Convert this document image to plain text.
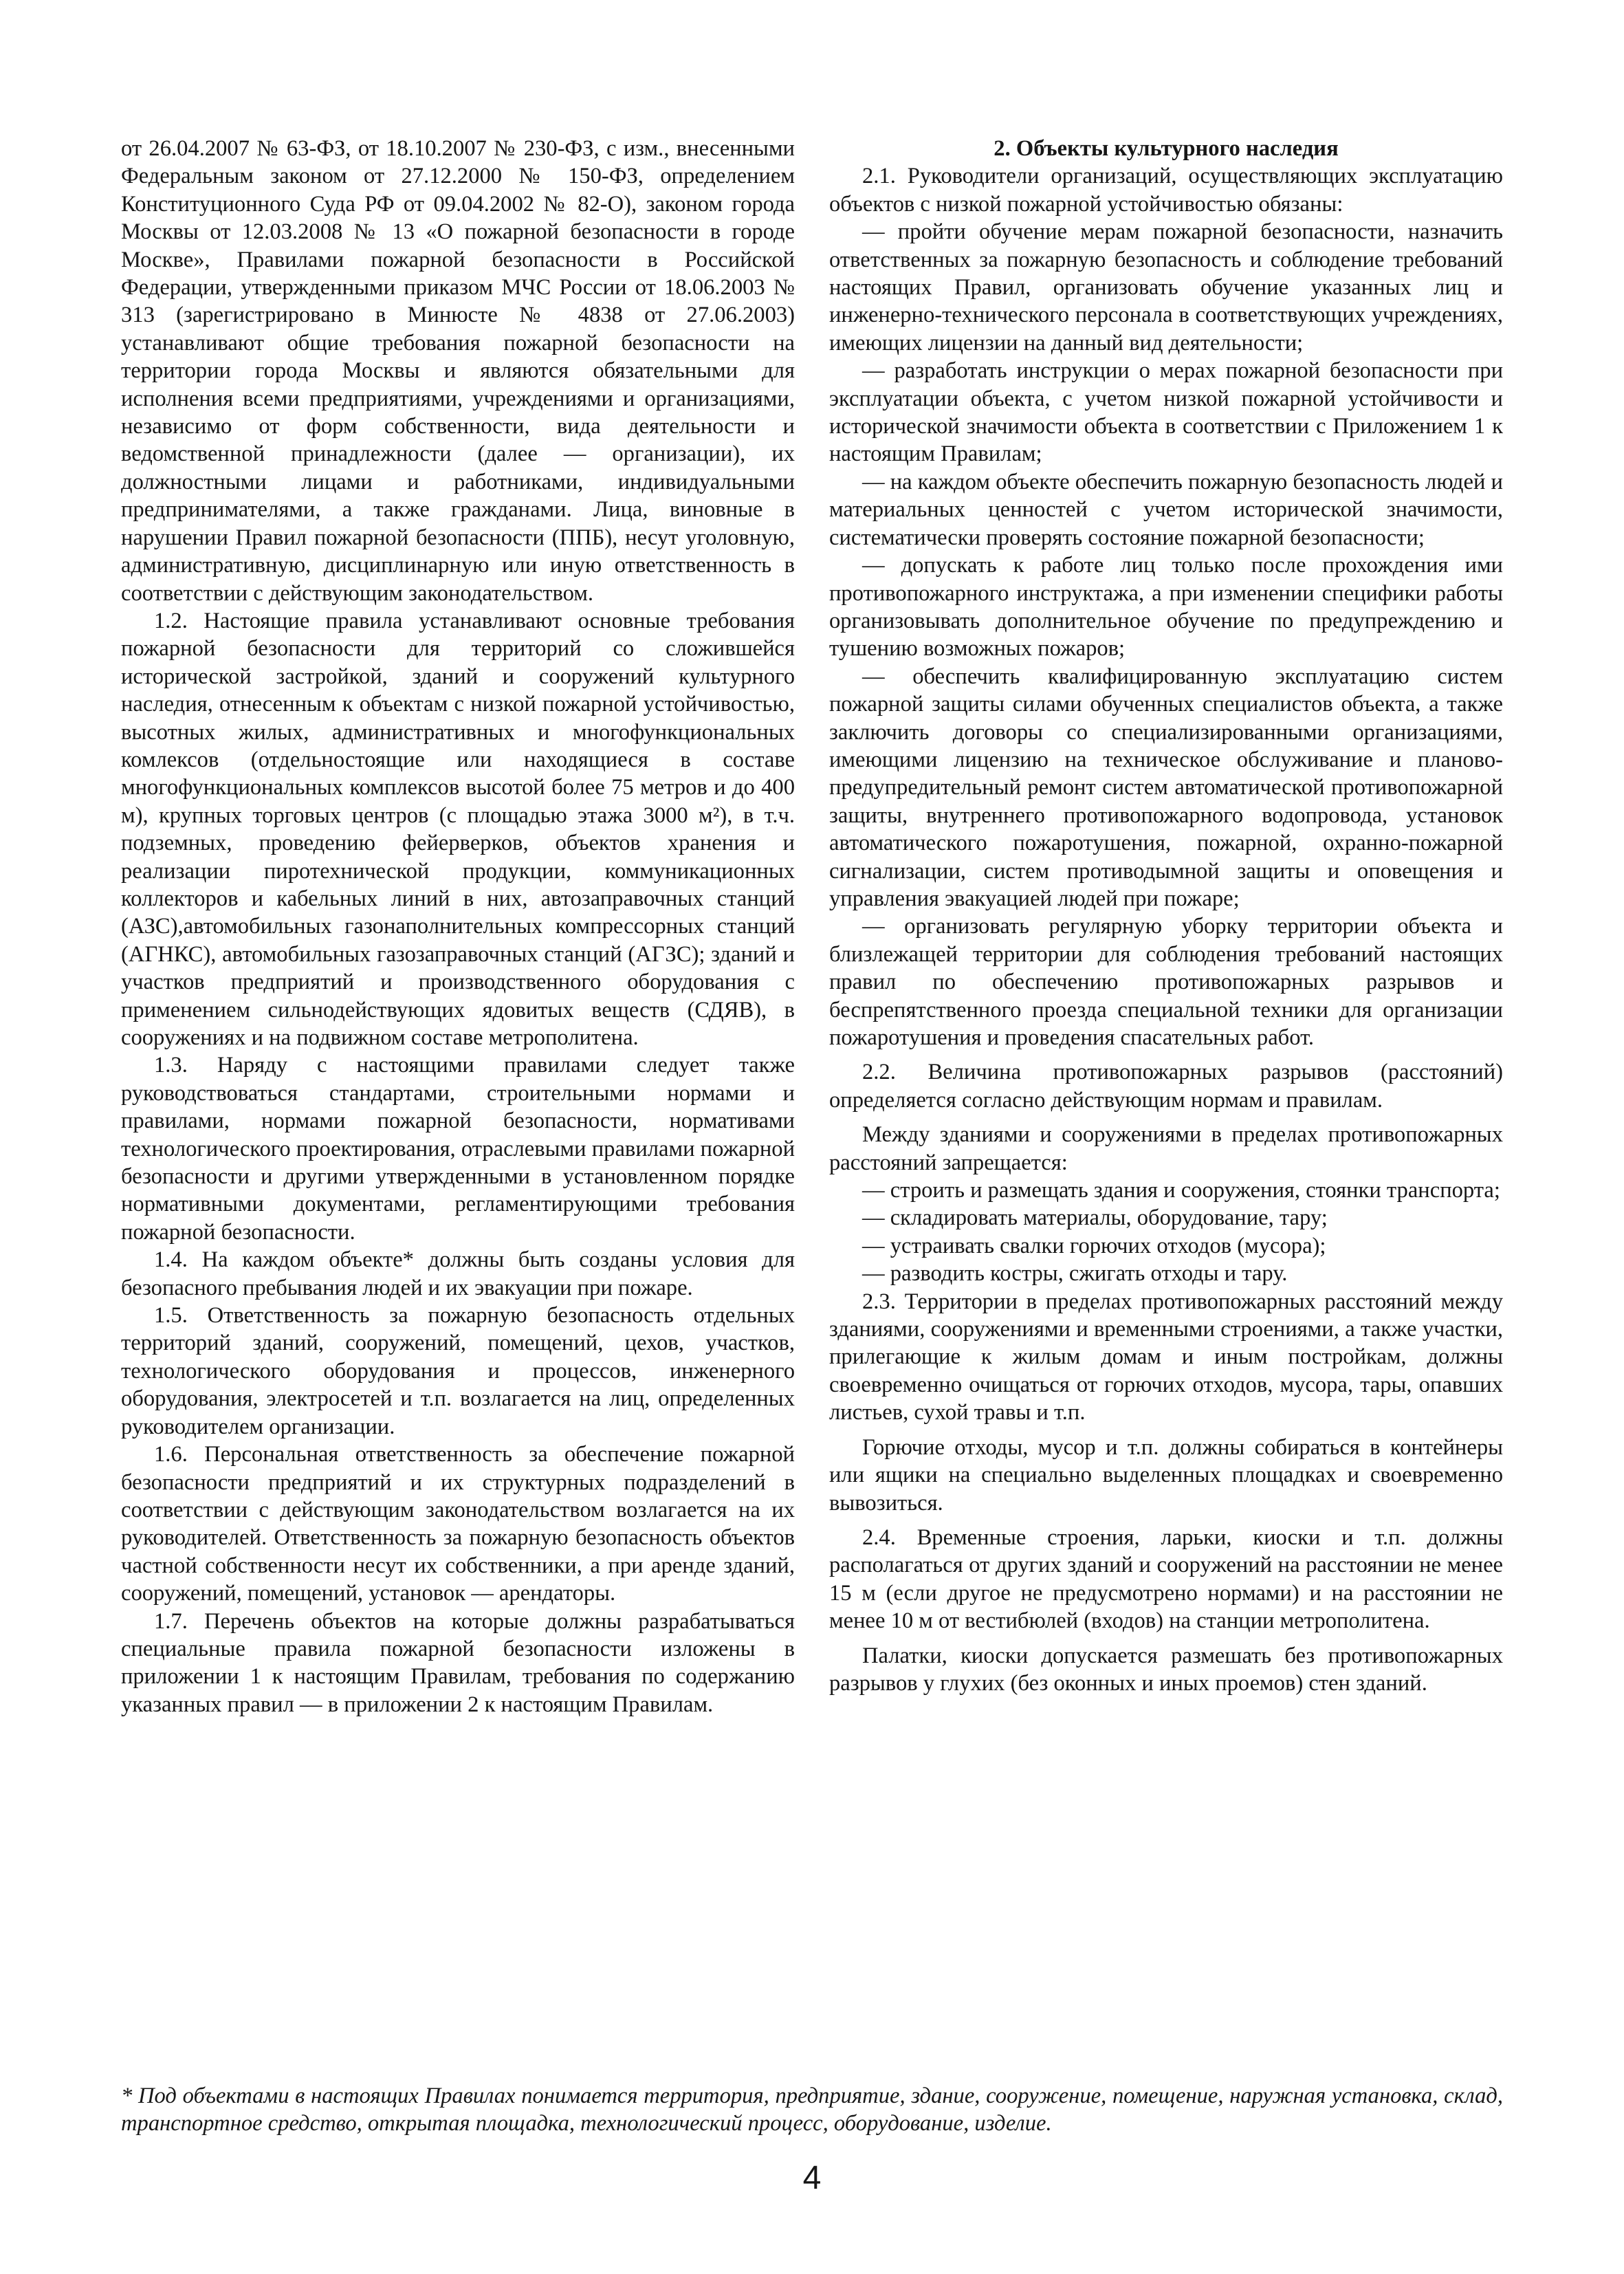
от 26.04.2007 № 63-ФЗ, от 18.10.2007 № 230-ФЗ, с изм., внесенными Федеральным законом от 27.12.2000 № 150-ФЗ, определением Конституционного Суда РФ от 09.04.2002 № 82-О), законом города Москвы от 12.03.2008 № 13 «О пожарной безопасности в городе Москве», Правилами пожарной безопасности в Российской Федерации, утвержденными приказом МЧС России от 18.06.2003 № 313 (зарегистрировано в Минюсте № 4838 от 27.06.2003) устанавливают общие требования пожарной безопасности на территории города Москвы и являются обязательными для исполнения всеми предприятиями, учреждениями и организациями, независимо от форм собственности, вида деятельности и ведомственной принадлежности (далее — организации), их должностными лицами и работниками, индивидуальными предпринимателями, а также гражданами. Лица, виновные в нарушении Правил пожарной безопасности (ППБ), несут уголовную, административную, дисциплинарную или иную ответственность в соответствии с действующим законодательством.

1.2. Настоящие правила устанавливают основные требования пожарной безопасности для территорий со сложившейся исторической застройкой, зданий и сооружений культурного наследия, отнесенным к объектам с низкой пожарной устойчивостью, высотных жилых, административных и многофункциональных комлексов (отдельностоящие или находящиеся в составе многофункциональных комплексов высотой более 75 метров и до 400 м), крупных торговых центров (с площадью этажа 3000 м²), в т.ч. подземных, проведению фейерверков, объектов хранения и реализации пиротехнической продукции, коммуникационных коллекторов и кабельных линий в них, автозаправочных станций (АЗС),автомобильных газонаполнительных компрессорных станций (АГНКС), автомобильных газозаправочных станций (АГЗС); зданий и участков предприятий и производственного оборудования с применением сильнодействующих ядовитых веществ (СДЯВ), в сооружениях и на подвижном составе метрополитена.

1.3. Наряду с настоящими правилами следует также руководствоваться стандартами, строительными нормами и правилами, нормами пожарной безопасности, нормативами технологического проектирования, отраслевыми правилами пожарной безопасности и другими утвержденными в установленном порядке нормативными документами, регламентирующими требования пожарной безопасности.

1.4. На каждом объекте* должны быть созданы условия для безопасного пребывания людей и их эвакуации при пожаре.

1.5. Ответственность за пожарную безопасность отдельных территорий зданий, сооружений, помещений, цехов, участков, технологического оборудования и процессов, инженерного оборудования, электросетей и т.п. возлагается на лиц, определенных руководителем организации.

1.6. Персональная ответственность за обеспечение пожарной безопасности предприятий и их структурных подразделений в соответствии с действующим законодательством возлагается на их руководителей. Ответственность за пожарную безопасность объектов частной собственности несут их собственники, а при аренде зданий, сооружений, помещений, установок — арендаторы.

1.7. Перечень объектов на которые должны разрабатываться специальные правила пожарной безопасности изложены в приложении 1 к настоящим Правилам, требования по содержанию указанных правил — в приложении 2 к настоящим Правилам.

2. Объекты культурного наследия

2.1. Руководители организаций, осуществляющих эксплуатацию объектов с низкой пожарной устойчивостью обязаны:

— пройти обучение мерам пожарной безопасности, назначить ответственных за пожарную безопасность и соблюдение требований настоящих Правил, организовать обучение указанных лиц и инженерно-технического персонала в соответствующих учреждениях, имеющих лицензии на данный вид деятельности;

— разработать инструкции о мерах пожарной безопасности при эксплуатации объекта, с учетом низкой пожарной устойчивости и исторической значимости объекта в соответствии с Приложением 1 к настоящим Правилам;

— на каждом объекте обеспечить пожарную безопасность людей и материальных ценностей с учетом исторической значимости, систематически проверять состояние пожарной безопасности;

— допускать к работе лиц только после прохождения ими противопожарного инструктажа, а при изменении специфики работы организовывать дополнительное обучение по предупреждению и тушению возможных пожаров;

— обеспечить квалифицированную эксплуатацию систем пожарной защиты силами обученных специалистов объекта, а также заключить договоры со специализированными организациями, имеющими лицензию на техническое обслуживание и планово-предупредительный ремонт систем автоматической противопожарной защиты, внутреннего противопожарного водопровода, установок автоматического пожаротушения, пожарной, охранно-пожарной сигнализации, систем противодымной защиты и оповещения и управления эвакуацией людей при пожаре;

— организовать регулярную уборку территории объекта и близлежащей территории для соблюдения требований настоящих правил по обеспечению противопожарных разрывов и беспрепятственного проезда специальной техники для организации пожаротушения и проведения спасательных работ.

2.2. Величина противопожарных разрывов (расстояний) определяется согласно действующим нормам и правилам.

Между зданиями и сооружениями в пределах противопожарных расстояний запрещается:

— строить и размещать здания и сооружения, стоянки транспорта;

— складировать материалы, оборудование, тару;

— устраивать свалки горючих отходов (мусора);

— разводить костры, сжигать отходы и тару.

2.3. Территории в пределах противопожарных расстояний между зданиями, сооружениями и временными строениями, а также участки, прилегающие к жилым домам и иным постройкам, должны своевременно очищаться от горючих отходов, мусора, тары, опавших листьев, сухой травы и т.п.

Горючие отходы, мусор и т.п. должны собираться в контейнеры или ящики на специально выделенных площадках и своевременно вывозиться.

2.4. Временные строения, ларьки, киоски и т.п. должны располагаться от других зданий и сооружений на расстоянии не менее 15 м (если другое не предусмотрено нормами) и на расстоянии не менее 10 м от вестибюлей (входов) на станции метрополитена.

Палатки, киоски допускается размешать без противопожарных разрывов у глухих (без оконных и иных проемов) стен зданий.

* Под объектами в настоящих Правилах понимается территория, предприятие, здание, сооружение, помещение, наружная установка, склад, транспортное средство, открытая площадка, технологический процесс, оборудование, изделие.
4
